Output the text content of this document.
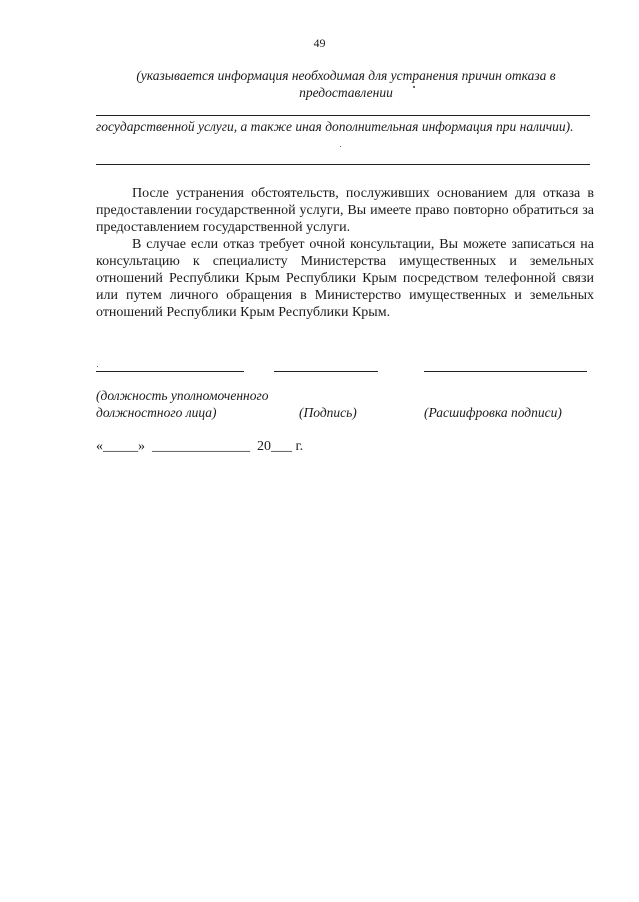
49
(указывается информация необходимая для устранения причин отказа в предоставлении
государственной услуги, а также иная дополнительная информация при наличии).

После устранения обстоятельств, послуживших основанием для отказа в предоставлении государственной услуги, Вы имеете право повторно обратиться за предоставлением государственной услуги.

В случае если отказ требует очной консультации, Вы можете записаться на консультацию к специалисту Министерства имущественных и земельных отношений Республики Крым Республики Крым посредством телефонной связи или путем личного обращения в Министерство имущественных и земельных отношений Республики Крым Республики Крым.

(должность уполномоченного
должностного лица)	(Подпись)	(Расшифровка подписи)
«_____»  ______________  20___ г.
